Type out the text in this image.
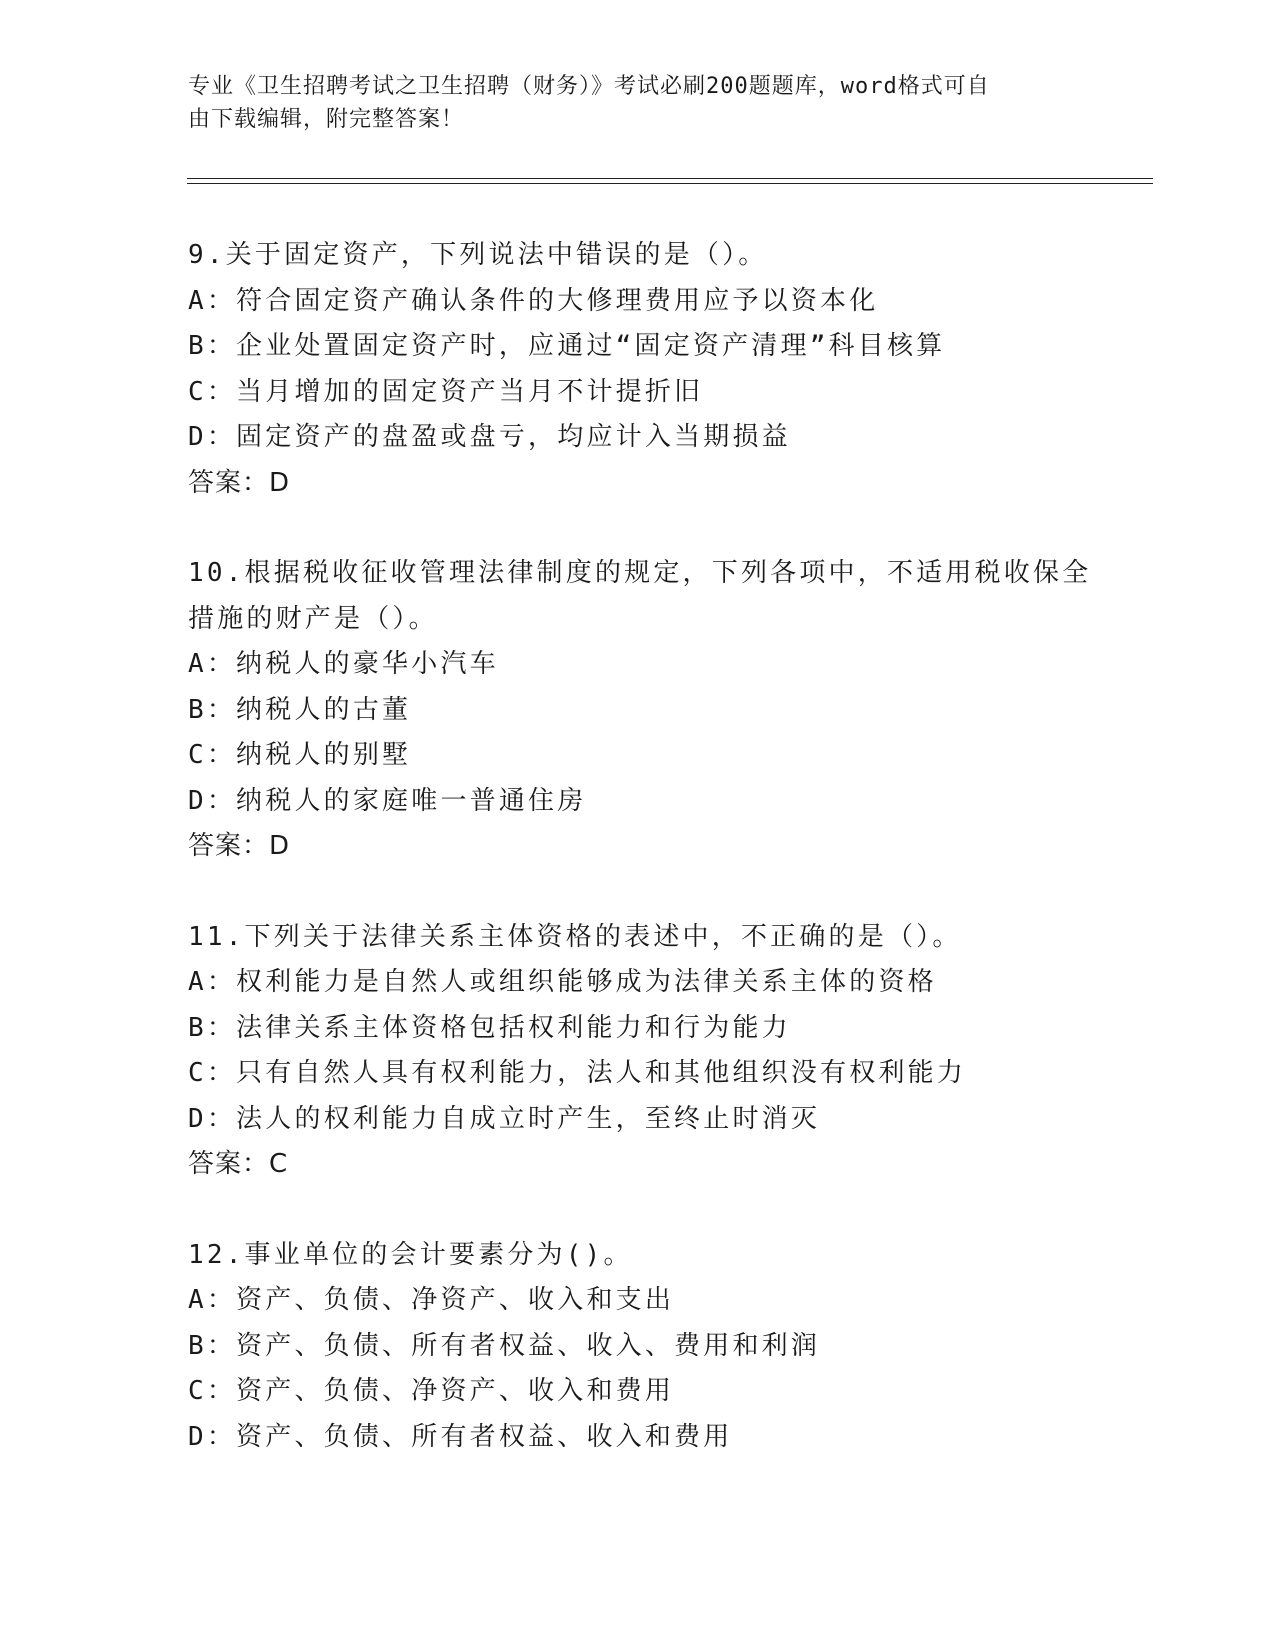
专业《卫生招聘考试之卫生招聘（财务）》考试必刷200题题库，word格式可自
由下载编辑，附完整答案！
9.关于固定资产，下列说法中错误的是（）。
A：符合固定资产确认条件的大修理费用应予以资本化
B：企业处置固定资产时，应通过“固定资产清理”科目核算
C：当月增加的固定资产当月不计提折旧
D：固定资产的盘盈或盘亏，均应计入当期损益
答案：D
10.根据税收征收管理法律制度的规定，下列各项中，不适用税收保全
措施的财产是（）。
A：纳税人的豪华小汽车
B：纳税人的古董
C：纳税人的别墅
D：纳税人的家庭唯一普通住房
答案：D
11.下列关于法律关系主体资格的表述中，不正确的是（）。
A：权利能力是自然人或组织能够成为法律关系主体的资格
B：法律关系主体资格包括权利能力和行为能力
C：只有自然人具有权利能力，法人和其他组织没有权利能力
D：法人的权利能力自成立时产生，至终止时消灭
答案：C
12.事业单位的会计要素分为()。
A：资产、负债、净资产、收入和支出
B：资产、负债、所有者权益、收入、费用和利润
C：资产、负债、净资产、收入和费用
D：资产、负债、所有者权益、收入和费用
